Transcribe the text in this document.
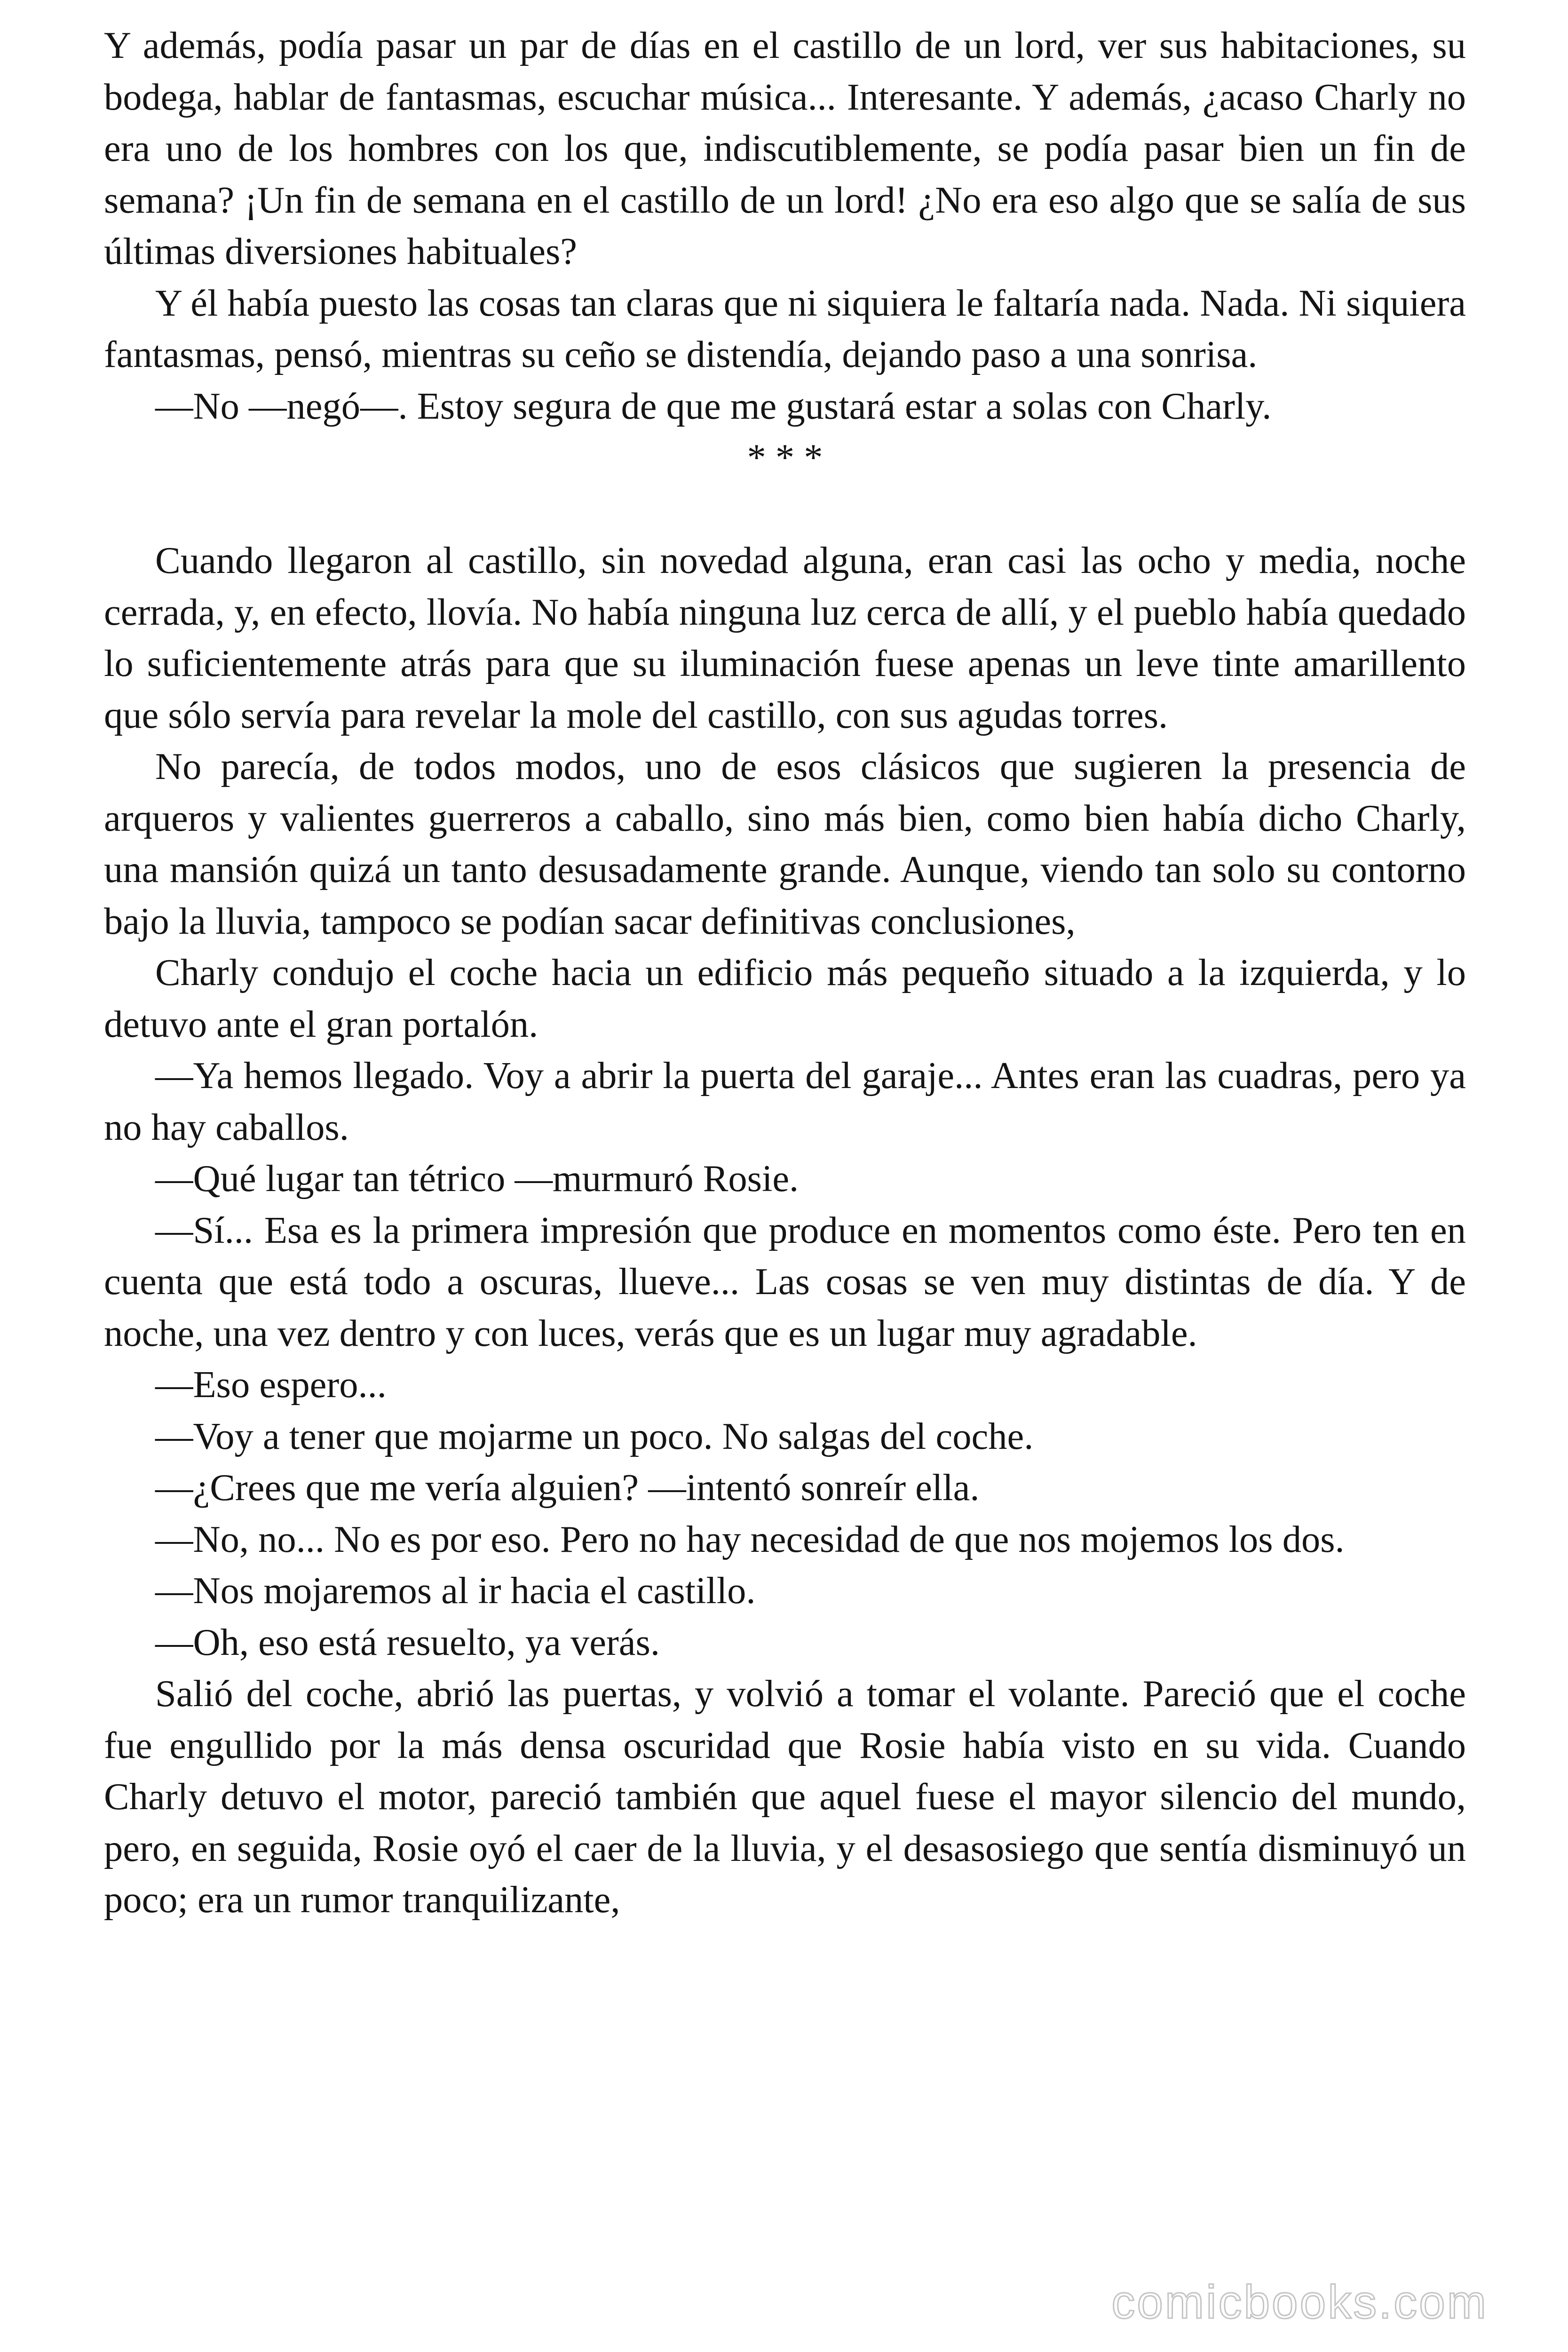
Y además, podía pasar un par de días en el castillo de un lord, ver sus habitaciones, su bodega, hablar de fantasmas, escuchar música... Interesante. Y además, ¿acaso Charly no era uno de los hombres con los que, indiscutiblemente, se podía pasar bien un fin de semana? ¡Un fin de semana en el castillo de un lord! ¿No era eso algo que se salía de sus últimas diversiones habituales?

Y él había puesto las cosas tan claras que ni siquiera le faltaría nada. Nada. Ni siquiera fantasmas, pensó, mientras su ceño se distendía, dejando paso a una sonrisa.

—No —negó—. Estoy segura de que me gustará estar a solas con Charly.

* * *

Cuando llegaron al castillo, sin novedad alguna, eran casi las ocho y media, noche cerrada, y, en efecto, llovía. No había ninguna luz cerca de allí, y el pueblo había quedado lo suficientemente atrás para que su iluminación fuese apenas un leve tinte amarillento que sólo servía para revelar la mole del castillo, con sus agudas torres.

No parecía, de todos modos, uno de esos clásicos que sugieren la presencia de arqueros y valientes guerreros a caballo, sino más bien, como bien había dicho Charly, una mansión quizá un tanto desusadamente grande. Aunque, viendo tan solo su contorno bajo la lluvia, tampoco se podían sacar definitivas conclusiones,

Charly condujo el coche hacia un edificio más pequeño situado a la izquierda, y lo detuvo ante el gran portalón.

—Ya hemos llegado. Voy a abrir la puerta del garaje... Antes eran las cuadras, pero ya no hay caballos.

—Qué lugar tan tétrico —murmuró Rosie.

—Sí... Esa es la primera impresión que produce en momentos como éste. Pero ten en cuenta que está todo a oscuras, llueve... Las cosas se ven muy distintas de día. Y de noche, una vez dentro y con luces, verás que es un lugar muy agradable.

—Eso espero...

—Voy a tener que mojarme un poco. No salgas del coche.

—¿Crees que me vería alguien? —intentó sonreír ella.

—No, no... No es por eso. Pero no hay necesidad de que nos mojemos los dos.

—Nos mojaremos al ir hacia el castillo.

—Oh, eso está resuelto, ya verás.

Salió del coche, abrió las puertas, y volvió a tomar el volante. Pareció que el coche fue engullido por la más densa oscuridad que Rosie había visto en su vida. Cuando Charly detuvo el motor, pareció también que aquel fuese el mayor silencio del mundo, pero, en seguida, Rosie oyó el caer de la lluvia, y el desasosiego que sentía disminuyó un poco; era un rumor tranquilizante,

comicbooks.com
